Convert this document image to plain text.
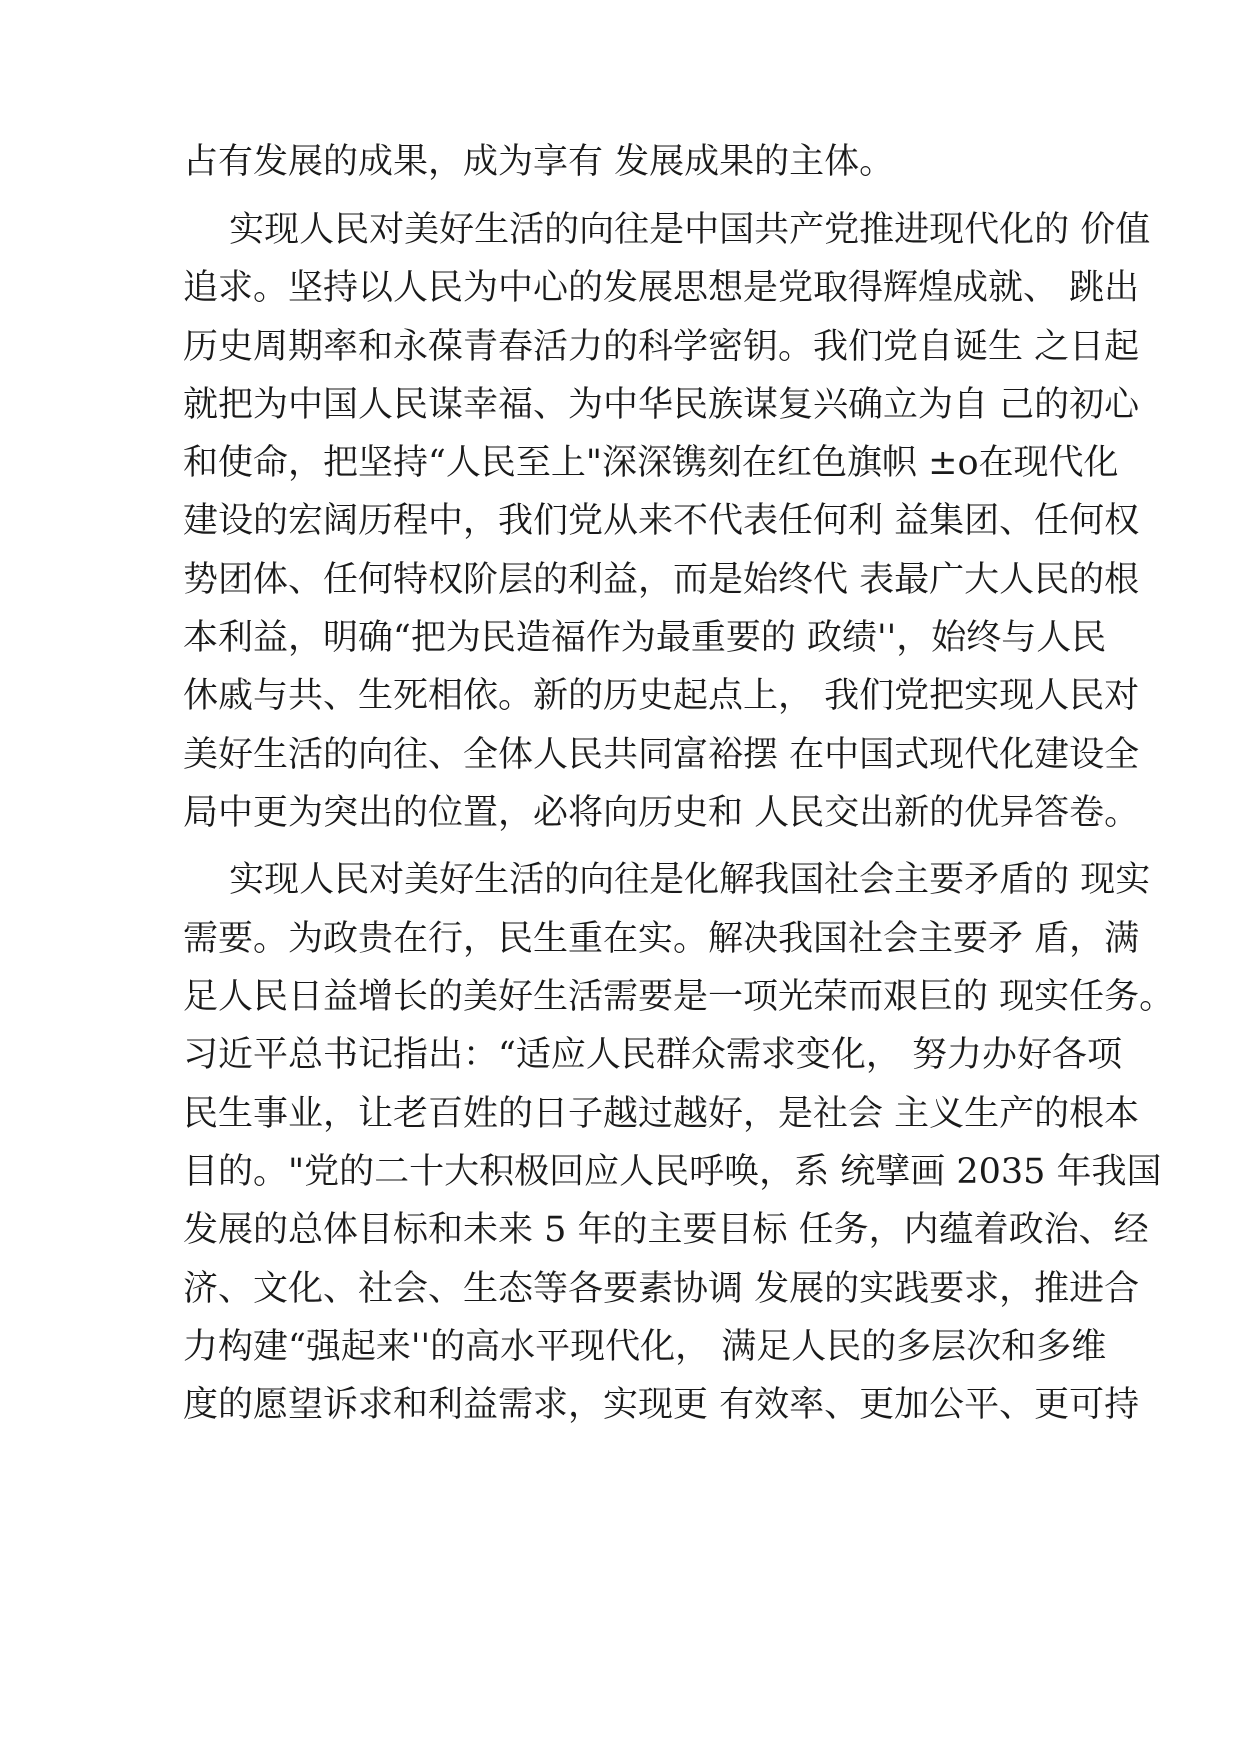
占有发展的成果，成为享有 发展成果的主体。
　 实现人民对美好生活的向往是中国共产党推进现代化的 价值
追求。坚持以人民为中心的发展思想是党取得辉煌成就、 跳出
历史周期率和永葆青春活力的科学密钥。我们党自诞生 之日起
就把为中国人民谋幸福、为中华民族谋复兴确立为自 己的初心
和使命，把坚持“人民至上"深深镌刻在红色旗帜 ±o在现代化
建设的宏阔历程中，我们党从来不代表任何利 益集团、任何权
势团体、任何特权阶层的利益，而是始终代 表最广大人民的根
本利益，明确“把为民造福作为最重要的 政绩''，始终与人民
休戚与共、生死相依。新的历史起点上， 我们党把实现人民对
美好生活的向往、全体人民共同富裕摆 在中国式现代化建设全
局中更为突出的位置，必将向历史和 人民交出新的优异答卷。
　 实现人民对美好生活的向往是化解我国社会主要矛盾的 现实
需要。为政贵在行，民生重在实。解决我国社会主要矛 盾，满
足人民日益增长的美好生活需要是一项光荣而艰巨的 现实任务。
习近平总书记指出：“适应人民群众需求变化， 努力办好各项
民生事业，让老百姓的日子越过越好，是社会 主义生产的根本
目的。"党的二十大积极回应人民呼唤，系 统擘画 2035 年我国
发展的总体目标和未来 5 年的主要目标 任务，内蕴着政治、经
济、文化、社会、生态等各要素协调 发展的实践要求，推进合
力构建“强起来''的高水平现代化， 满足人民的多层次和多维
度的愿望诉求和利益需求，实现更 有效率、更加公平、更可持
